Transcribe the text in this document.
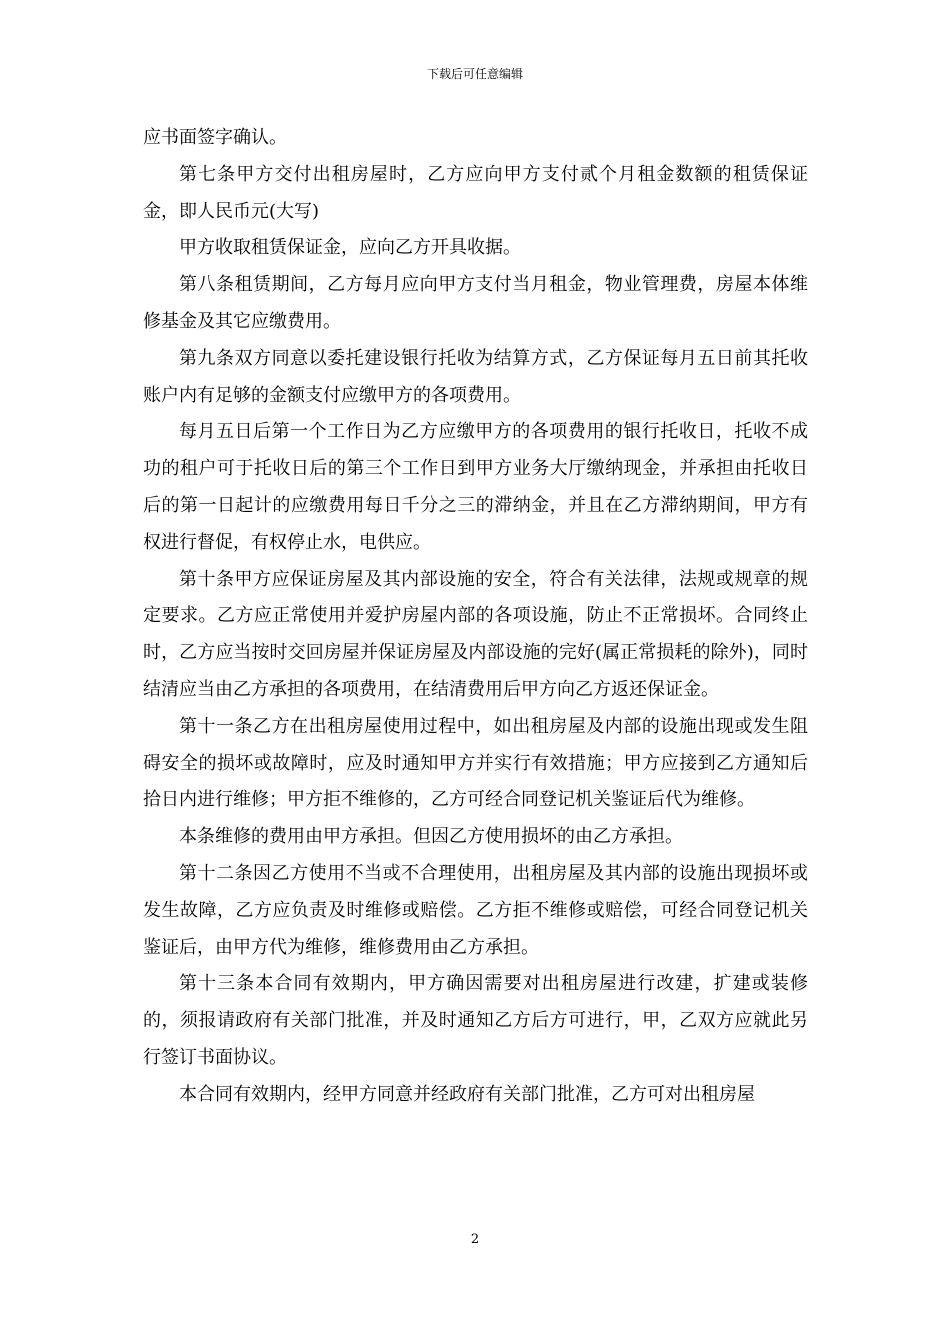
下载后可任意编辑

应书面签字确认。

第七条甲方交付出租房屋时，乙方应向甲方支付贰个月租金数额的租赁保证金，即人民币元(大写)

甲方收取租赁保证金，应向乙方开具收据。

第八条租赁期间，乙方每月应向甲方支付当月租金，物业管理费，房屋本体维修基金及其它应缴费用。

第九条双方同意以委托建设银行托收为结算方式，乙方保证每月五日前其托收账户内有足够的金额支付应缴甲方的各项费用。

每月五日后第一个工作日为乙方应缴甲方的各项费用的银行托收日，托收不成功的租户可于托收日后的第三个工作日到甲方业务大厅缴纳现金，并承担由托收日后的第一日起计的应缴费用每日千分之三的滞纳金，并且在乙方滞纳期间，甲方有权进行督促，有权停止水，电供应。

第十条甲方应保证房屋及其内部设施的安全，符合有关法律，法规或规章的规定要求。乙方应正常使用并爱护房屋内部的各项设施，防止不正常损坏。合同终止时，乙方应当按时交回房屋并保证房屋及内部设施的完好(属正常损耗的除外)，同时结清应当由乙方承担的各项费用，在结清费用后甲方向乙方返还保证金。

第十一条乙方在出租房屋使用过程中，如出租房屋及内部的设施出现或发生阻碍安全的损坏或故障时，应及时通知甲方并实行有效措施；甲方应接到乙方通知后拾日内进行维修；甲方拒不维修的，乙方可经合同登记机关鉴证后代为维修。

本条维修的费用由甲方承担。但因乙方使用损坏的由乙方承担。

第十二条因乙方使用不当或不合理使用，出租房屋及其内部的设施出现损坏或发生故障，乙方应负责及时维修或赔偿。乙方拒不维修或赔偿，可经合同登记机关鉴证后，由甲方代为维修，维修费用由乙方承担。

第十三条本合同有效期内，甲方确因需要对出租房屋进行改建，扩建或装修的，须报请政府有关部门批准，并及时通知乙方后方可进行，甲，乙双方应就此另行签订书面协议。

本合同有效期内，经甲方同意并经政府有关部门批准，乙方可对出租房屋

2
